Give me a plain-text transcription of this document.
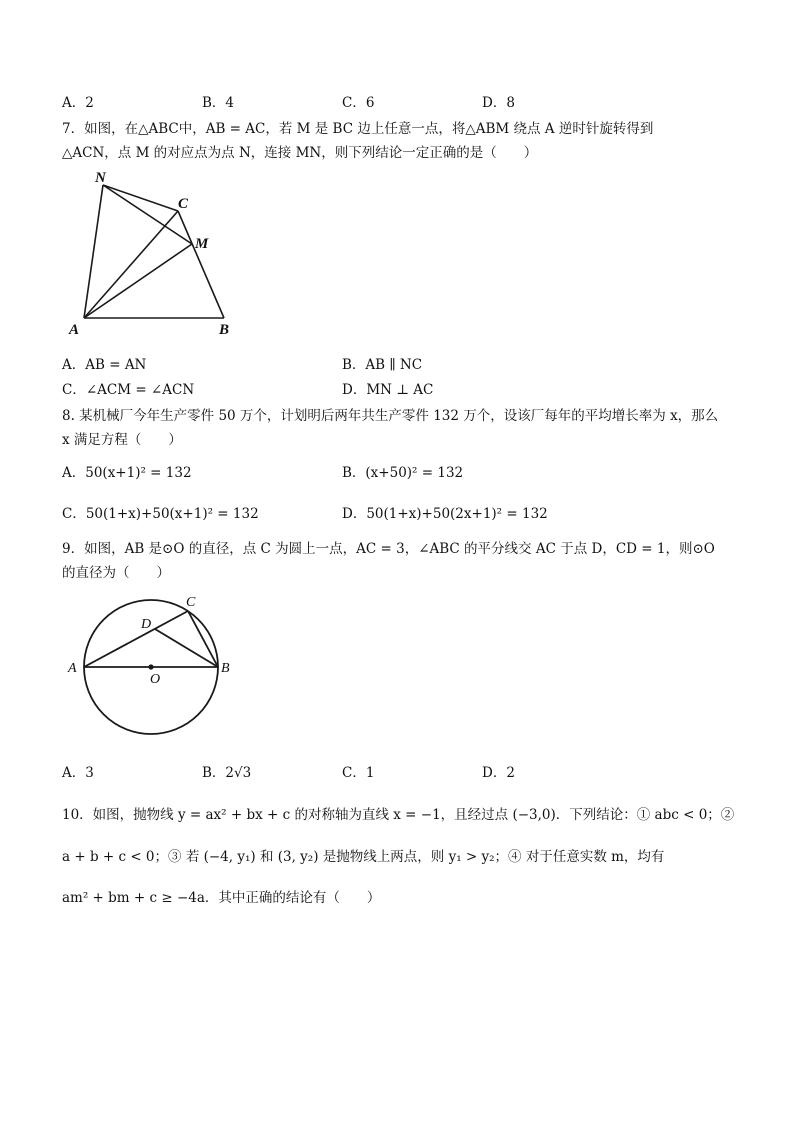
A．2	B．4	C．6	D．8
7．如图，在△ABC中，AB = AC，若 M 是 BC 边上任意一点，将△ABM 绕点 A 逆时针旋转得到
△ACN，点 M 的对应点为点 N，连接 MN，则下列结论一定正确的是（　　）
N
C
M
A	B
A．AB = AN	B．AB ∥ NC
C．∠ACM = ∠ACN	D．MN ⊥ AC
8. 某机械厂今年生产零件 50 万个，计划明后两年共生产零件 132 万个，设该厂每年的平均增长率为 x，那么
x 满足方程（　　）
A．50(x+1)² = 132	B．(x+50)² = 132
C．50(1+x)+50(x+1)² = 132	D．50(1+x)+50(2x+1)² = 132
9．如图，AB 是⊙O 的直径，点 C 为圆上一点，AC = 3，∠ABC 的平分线交 AC 于点 D，CD = 1，则⊙O
的直径为（　　）
A	B
C
D
O
A．3	B．2√3	C．1	D．2
10．如图，抛物线 y = ax² + bx + c 的对称轴为直线 x = −1，且经过点 (−3,0)．下列结论：① abc < 0；②
a + b + c < 0；③ 若 (−4, y₁) 和 (3, y₂) 是抛物线上两点，则 y₁ > y₂；④ 对于任意实数 m，均有
am² + bm + c ≥ −4a．其中正确的结论有（　　）
